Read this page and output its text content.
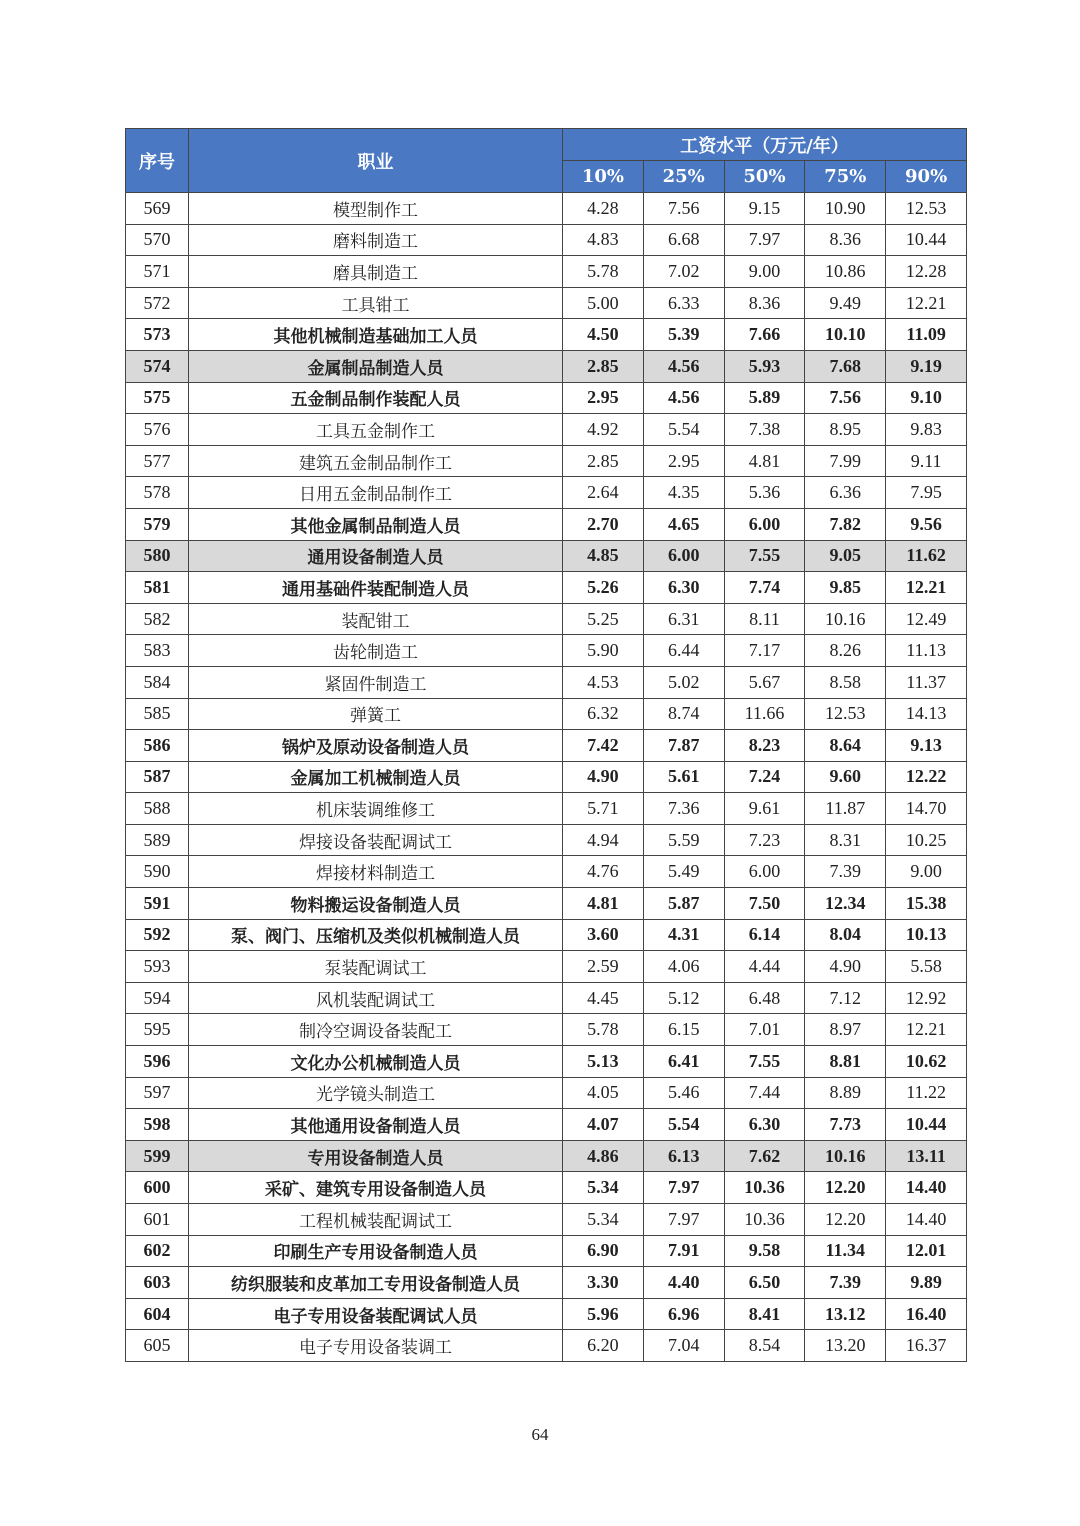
序号	职业	工资水平（万元/年）				
		10%	25%	50%	75%	90%
569	模型制作工	4.28	7.56	9.15	10.90	12.53
570	磨料制造工	4.83	6.68	7.97	8.36	10.44
571	磨具制造工	5.78	7.02	9.00	10.86	12.28
572	工具钳工	5.00	6.33	8.36	9.49	12.21
573	其他机械制造基础加工人员	4.50	5.39	7.66	10.10	11.09
574	金属制品制造人员	2.85	4.56	5.93	7.68	9.19
575	五金制品制作装配人员	2.95	4.56	5.89	7.56	9.10
576	工具五金制作工	4.92	5.54	7.38	8.95	9.83
577	建筑五金制品制作工	2.85	2.95	4.81	7.99	9.11
578	日用五金制品制作工	2.64	4.35	5.36	6.36	7.95
579	其他金属制品制造人员	2.70	4.65	6.00	7.82	9.56
580	通用设备制造人员	4.85	6.00	7.55	9.05	11.62
581	通用基础件装配制造人员	5.26	6.30	7.74	9.85	12.21
582	装配钳工	5.25	6.31	8.11	10.16	12.49
583	齿轮制造工	5.90	6.44	7.17	8.26	11.13
584	紧固件制造工	4.53	5.02	5.67	8.58	11.37
585	弹簧工	6.32	8.74	11.66	12.53	14.13
586	锅炉及原动设备制造人员	7.42	7.87	8.23	8.64	9.13
587	金属加工机械制造人员	4.90	5.61	7.24	9.60	12.22
588	机床装调维修工	5.71	7.36	9.61	11.87	14.70
589	焊接设备装配调试工	4.94	5.59	7.23	8.31	10.25
590	焊接材料制造工	4.76	5.49	6.00	7.39	9.00
591	物料搬运设备制造人员	4.81	5.87	7.50	12.34	15.38
592	泵、阀门、压缩机及类似机械制造人员	3.60	4.31	6.14	8.04	10.13
593	泵装配调试工	2.59	4.06	4.44	4.90	5.58
594	风机装配调试工	4.45	5.12	6.48	7.12	12.92
595	制冷空调设备装配工	5.78	6.15	7.01	8.97	12.21
596	文化办公机械制造人员	5.13	6.41	7.55	8.81	10.62
597	光学镜头制造工	4.05	5.46	7.44	8.89	11.22
598	其他通用设备制造人员	4.07	5.54	6.30	7.73	10.44
599	专用设备制造人员	4.86	6.13	7.62	10.16	13.11
600	采矿、建筑专用设备制造人员	5.34	7.97	10.36	12.20	14.40
601	工程机械装配调试工	5.34	7.97	10.36	12.20	14.40
602	印刷生产专用设备制造人员	6.90	7.91	9.58	11.34	12.01
603	纺织服装和皮革加工专用设备制造人员	3.30	4.40	6.50	7.39	9.89
604	电子专用设备装配调试人员	5.96	6.96	8.41	13.12	16.40
605	电子专用设备装调工	6.20	7.04	8.54	13.20	16.37
64
